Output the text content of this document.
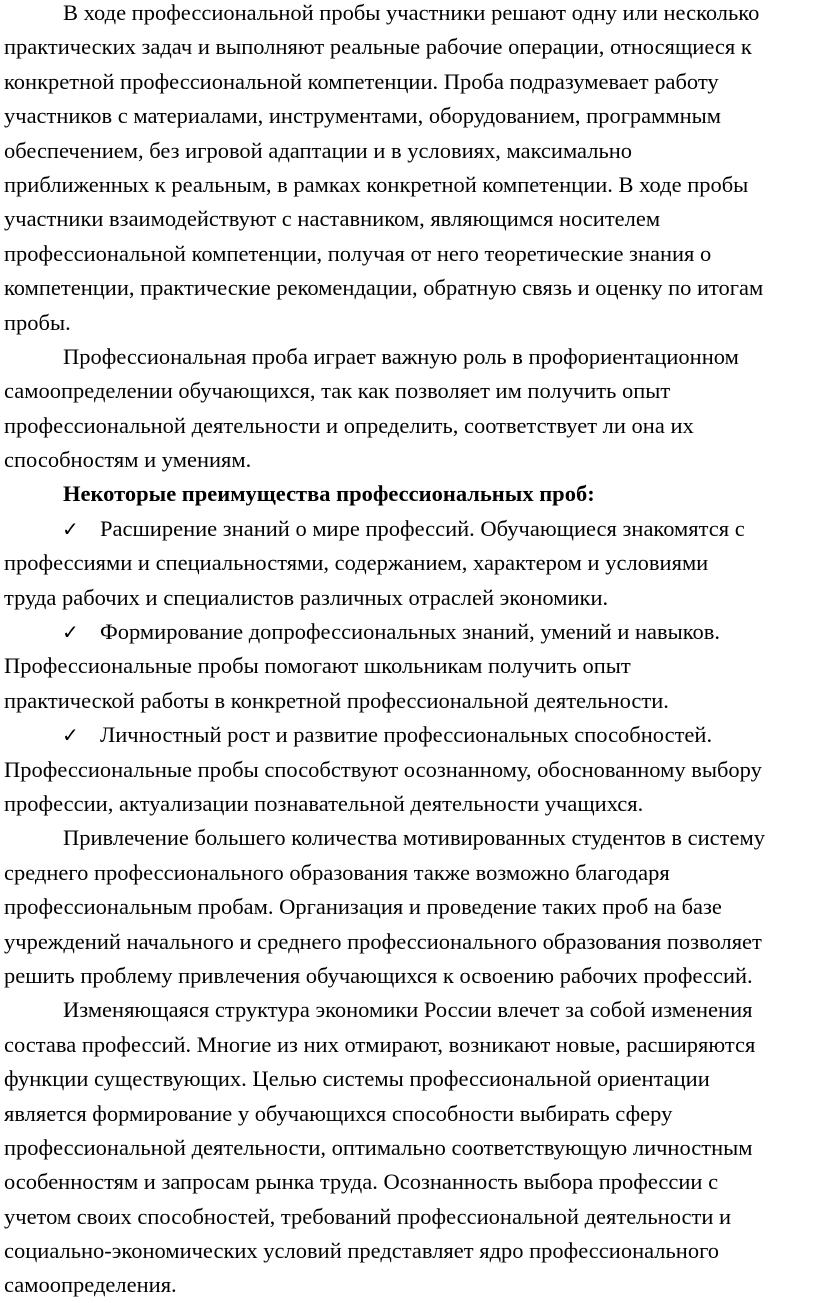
В ходе профессиональной пробы участники решают одну или несколько
практических задач и выполняют реальные рабочие операции, относящиеся к
конкретной профессиональной компетенции. Проба подразумевает работу
участников с материалами, инструментами, оборудованием, программным
обеспечением, без игровой адаптации и в условиях, максимально
приближенных к реальным, в рамках конкретной компетенции. В ходе пробы
участники взаимодействуют с наставником, являющимся носителем
профессиональной компетенции, получая от него теоретические знания о
компетенции, практические рекомендации, обратную связь и оценку по итогам
пробы.
Профессиональная проба играет важную роль в профориентационном
самоопределении обучающихся, так как позволяет им получить опыт
профессиональной деятельности и определить, соответствует ли она их
способностям и умениям.
Некоторые преимущества профессиональных проб:
✓ Расширение знаний о мире профессий. Обучающиеся знакомятся с
профессиями и специальностями, содержанием, характером и условиями
труда рабочих и специалистов различных отраслей экономики.
✓ Формирование допрофессиональных знаний, умений и навыков.
Профессиональные пробы помогают школьникам получить опыт
практической работы в конкретной профессиональной деятельности.
✓ Личностный рост и развитие профессиональных способностей.
Профессиональные пробы способствуют осознанному, обоснованному выбору
профессии, актуализации познавательной деятельности учащихся.
Привлечение большего количества мотивированных студентов в систему
среднего профессионального образования также возможно благодаря
профессиональным пробам. Организация и проведение таких проб на базе
учреждений начального и среднего профессионального образования позволяет
решить проблему привлечения обучающихся к освоению рабочих профессий.
Изменяющаяся структура экономики России влечет за собой изменения
состава профессий. Многие из них отмирают, возникают новые, расширяются
функции существующих. Целью системы профессиональной ориентации
является формирование у обучающихся способности выбирать сферу
профессиональной деятельности, оптимально соответствующую личностным
особенностям и запросам рынка труда. Осознанность выбора профессии с
учетом своих способностей, требований профессиональной деятельности и
социально-экономических условий представляет ядро профессионального
самоопределения.
